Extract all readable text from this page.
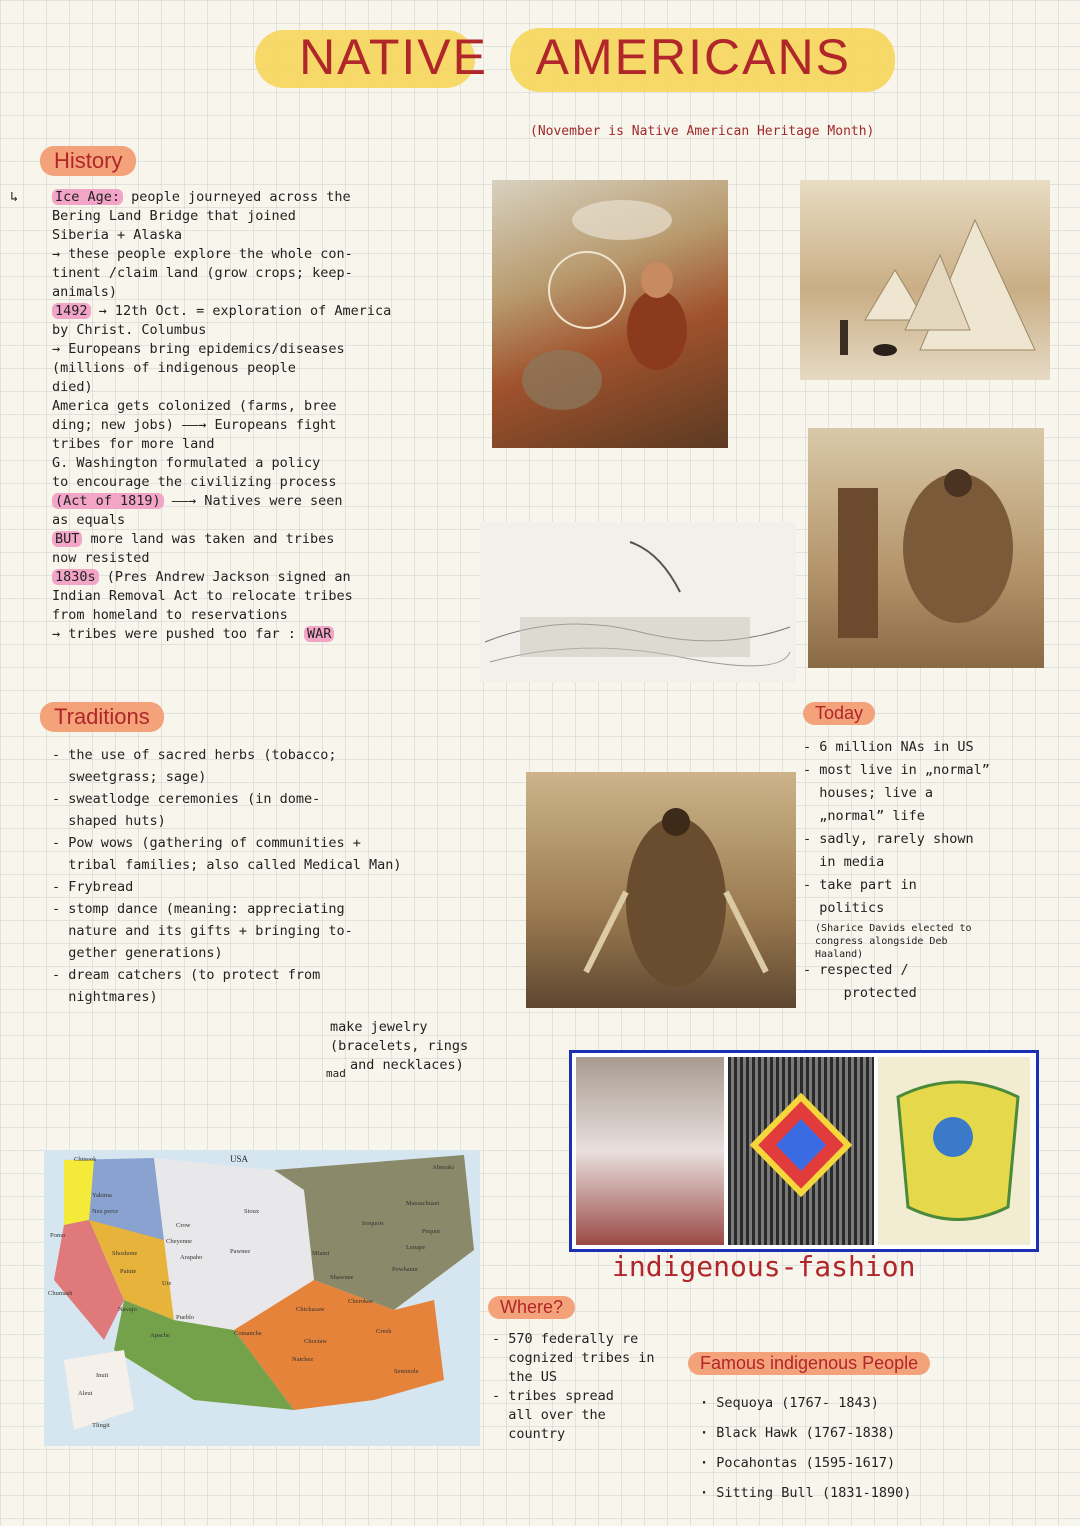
NATIVE AMERICANS
(November is Native American Heritage Month)
History
↳	Ice Age: people journeyed across the
Bering Land Bridge that joined
Siberia + Alaska
→ these people explore the whole con-
tinent /claim land (grow crops; keep-
animals)
1492 → 12th Oct. = exploration of America
by Christ. Columbus
→ Europeans bring epidemics/diseases
(millions of indigenous people
died)
America gets colonized (farms, bree
ding; new jobs) ——→ Europeans fight
tribes for more land
G. Washington formulated a policy
to encourage the civilizing process
(Act of 1819) ——→ Natives were seen
as equals
BUT more land was taken and tribes
now resisted
1830s (Pres Andrew Jackson signed an
Indian Removal Act to relocate tribes
from homeland to reservations
→ tribes were pushed too far : WAR
indigenous-fashion
Traditions
- the use of sacred herbs (tobacco;
sweetgrass; sage)
- sweatlodge ceremonies (in dome-
shaped huts)
- Pow wows (gathering of communities +
tribal families; also called Medical Man)
- Frybread
- stomp dance (meaning: appreciating
nature and its gifts + bringing to-
gether generations)
- dream catchers (to protect from
nightmares)
make jewelry
(bracelets, rings
and necklaces)
mad
Today
- 6 million NAs in US
- most live in „normal”
houses; live a
„normal” life
- sadly, rarely shown
in media
- take part in
politics
(Sharice Davids elected to
congress alongside Deb
Haaland)
- respected /
protected
USA
Chinook
Yakima
Nez perce
Pomo
Shoshone
Paiute
Chumash
Crow
Cheyenne
Arapaho
Sioux
Pawnee
Ute
Navajo
Pueblo
Apache	Comanche
Miami
Shawnee
Chickasaw
Choctaw
Natchez
Cherokee
Creek
Seminole
Powhatan
Lenape
Pequot
Massachuset
Iroquois
Abenaki
Inuit
Aleut
Tlingit
Where?
- 570 federally re
cognized tribes in
the US
- tribes spread
all over the
country
Famous indigenous People
· Sequoya (1767- 1843)
· Black Hawk (1767-1838)
· Pocahontas (1595-1617)
· Sitting Bull (1831-1890)
